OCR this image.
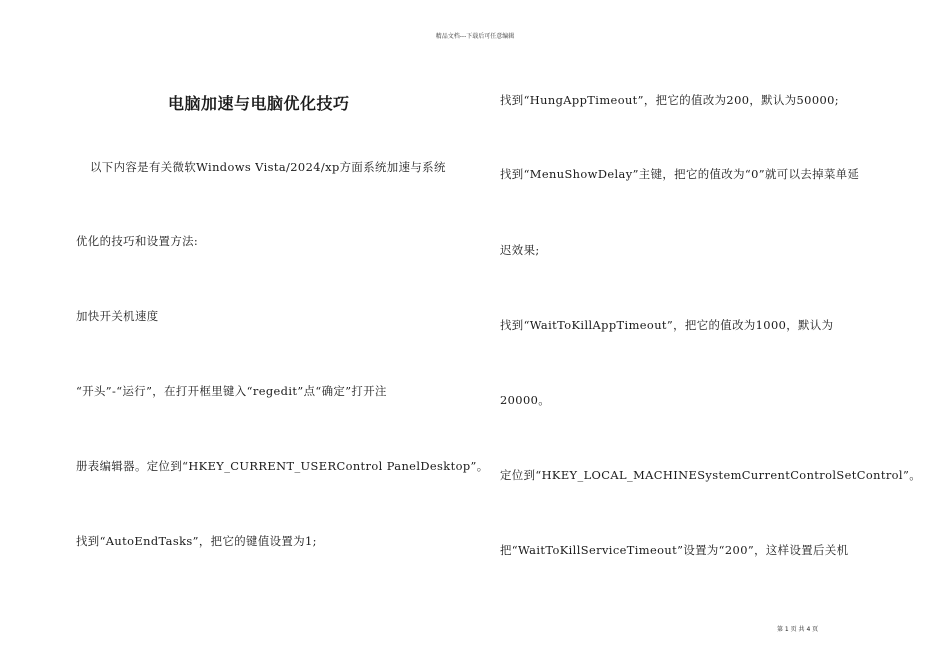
精品文档---下载后可任意编辑
电脑加速与电脑优化技巧
以下内容是有关微软Windows Vista/2024/xp方面系统加速与系统
优化的技巧和设置方法:
加快开关机速度
“开头”-“运行”，在打开框里键入“regedit”点“确定”打开注
册表编辑器。定位到“HKEY_CURRENT_USERControl PanelDesktop”。
找到“AutoEndTasks”，把它的键值设置为1;
找到“HungAppTimeout”，把它的值改为200，默认为50000;
找到“MenuShowDelay”主键，把它的值改为“0”就可以去掉菜单延
迟效果;
找到“WaitToKillAppTimeout”，把它的值改为1000，默认为
20000。
定位到“HKEY_LOCAL_MACHINESystemCurrentControlSetControl”。
把“WaitToKillServiceTimeout”设置为“200”，这样设置后关机
第 1 页 共 4 页
